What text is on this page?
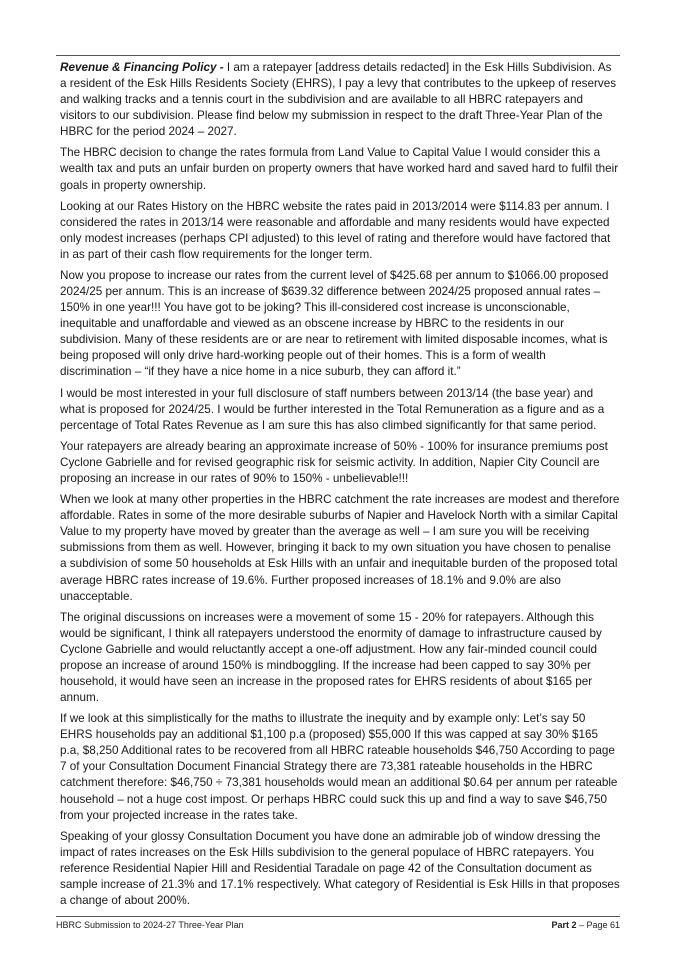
Revenue & Financing Policy - I am a ratepayer [address details redacted] in the Esk Hills Subdivision. As a resident of the Esk Hills Residents Society (EHRS), I pay a levy that contributes to the upkeep of reserves and walking tracks and a tennis court in the subdivision and are available to all HBRC ratepayers and visitors to our subdivision. Please find below my submission in respect to the draft Three-Year Plan of the HBRC for the period 2024 – 2027.

The HBRC decision to change the rates formula from Land Value to Capital Value I would consider this a wealth tax and puts an unfair burden on property owners that have worked hard and saved hard to fulfil their goals in property ownership.

Looking at our Rates History on the HBRC website the rates paid in 2013/2014 were $114.83 per annum. I considered the rates in 2013/14 were reasonable and affordable and many residents would have expected only modest increases (perhaps CPI adjusted) to this level of rating and therefore would have factored that in as part of their cash flow requirements for the longer term.

Now you propose to increase our rates from the current level of $425.68 per annum to $1066.00 proposed 2024/25 per annum. This is an increase of $639.32 difference between 2024/25 proposed annual rates – 150% in one year!!! You have got to be joking? This ill-considered cost increase is unconscionable, inequitable and unaffordable and viewed as an obscene increase by HBRC to the residents in our subdivision. Many of these residents are or are near to retirement with limited disposable incomes, what is being proposed will only drive hard-working people out of their homes. This is a form of wealth discrimination – “if they have a nice home in a nice suburb, they can afford it.”

I would be most interested in your full disclosure of staff numbers between 2013/14 (the base year) and what is proposed for 2024/25. I would be further interested in the Total Remuneration as a figure and as a percentage of Total Rates Revenue as I am sure this has also climbed significantly for that same period.

Your ratepayers are already bearing an approximate increase of 50% - 100% for insurance premiums post Cyclone Gabrielle and for revised geographic risk for seismic activity. In addition, Napier City Council are proposing an increase in our rates of 90% to 150% - unbelievable!!!

When we look at many other properties in the HBRC catchment the rate increases are modest and therefore affordable. Rates in some of the more desirable suburbs of Napier and Havelock North with a similar Capital Value to my property have moved by greater than the average as well – I am sure you will be receiving submissions from them as well. However, bringing it back to my own situation you have chosen to penalise a subdivision of some 50 households at Esk Hills with an unfair and inequitable burden of the proposed total average HBRC rates increase of 19.6%. Further proposed increases of 18.1% and 9.0% are also unacceptable.

The original discussions on increases were a movement of some 15 - 20% for ratepayers. Although this would be significant, I think all ratepayers understood the enormity of damage to infrastructure caused by Cyclone Gabrielle and would reluctantly accept a one-off adjustment. How any fair-minded council could propose an increase of around 150% is mindboggling. If the increase had been capped to say 30% per household, it would have seen an increase in the proposed rates for EHRS residents of about $165 per annum.

If we look at this simplistically for the maths to illustrate the inequity and by example only: Let’s say 50 EHRS households pay an additional $1,100 p.a (proposed) $55,000 If this was capped at say 30% $165 p.a, $8,250 Additional rates to be recovered from all HBRC rateable households $46,750 According to page 7 of your Consultation Document Financial Strategy there are 73,381 rateable households in the HBRC catchment therefore: $46,750 ÷ 73,381 households would mean an additional $0.64 per annum per rateable household – not a huge cost impost. Or perhaps HBRC could suck this up and find a way to save $46,750 from your projected increase in the rates take.

Speaking of your glossy Consultation Document you have done an admirable job of window dressing the impact of rates increases on the Esk Hills subdivision to the general populace of HBRC ratepayers. You reference Residential Napier Hill and Residential Taradale on page 42 of the Consultation document as sample increase of 21.3% and 17.1% respectively. What category of Residential is Esk Hills in that proposes a change of about 200%.

HBRC Submission to 2024-27 Three-Year Plan	Part 2 – Page 61
